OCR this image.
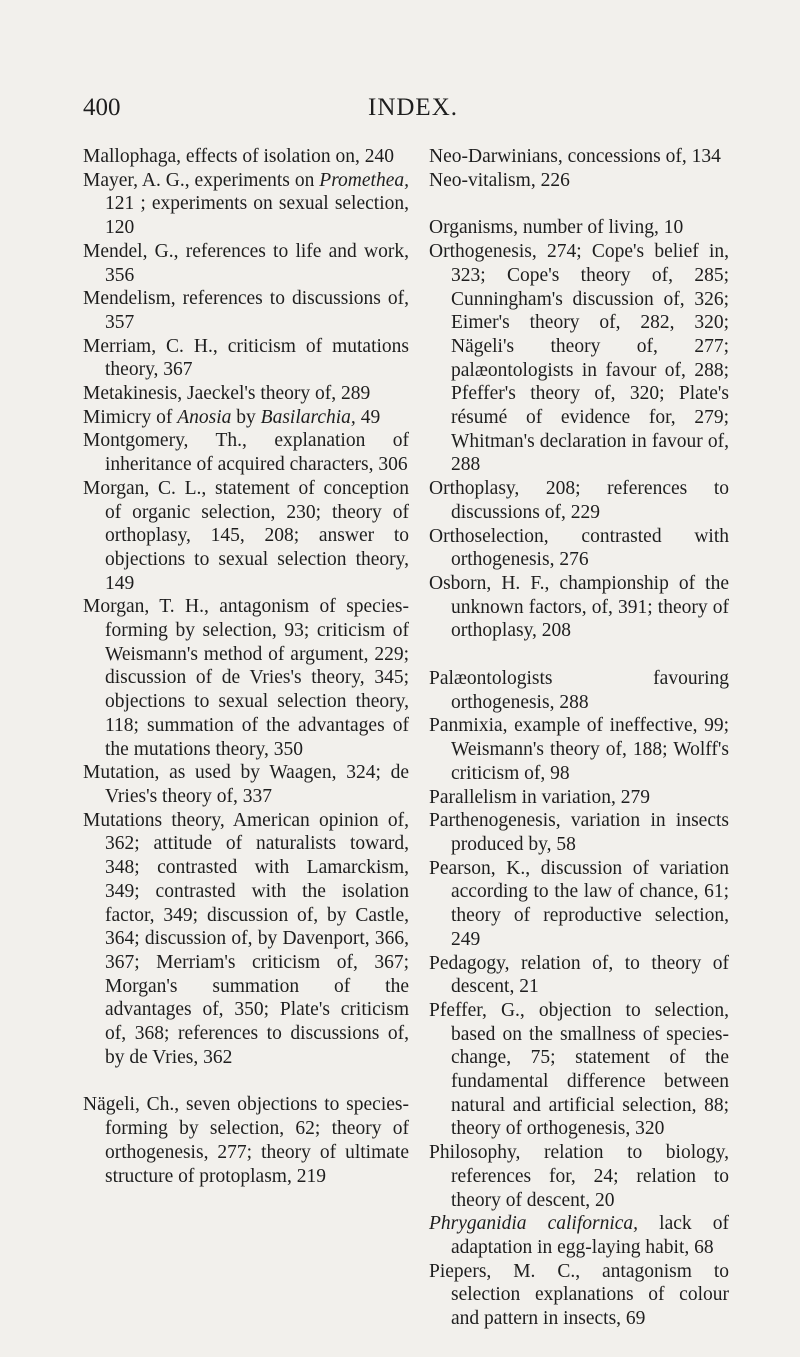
400	INDEX.
Mallophaga, effects of isolation on, 240
Mayer, A. G., experiments on Promethea, 121 ; experiments on sexual selection, 120
Mendel, G., references to life and work, 356
Mendelism, references to discussions of, 357
Merriam, C. H., criticism of mutations theory, 367
Metakinesis, Jaeckel's theory of, 289
Mimicry of Anosia by Basilarchia, 49
Montgomery, Th., explanation of inheritance of acquired characters, 306
Morgan, C. L., statement of conception of organic selection, 230; theory of orthoplasy, 145, 208; answer to objections to sexual selection theory, 149
Morgan, T. H., antagonism of species-forming by selection, 93; criticism of Weismann's method of argument, 229; discussion of de Vries's theory, 345; objections to sexual selection theory, 118; summation of the advantages of the mutations theory, 350
Mutation, as used by Waagen, 324; de Vries's theory of, 337
Mutations theory, American opinion of, 362; attitude of naturalists toward, 348; contrasted with Lamarckism, 349; contrasted with the isolation factor, 349; discussion of, by Castle, 364; discussion of, by Davenport, 366, 367; Merriam's criticism of, 367; Morgan's summation of the advantages of, 350; Plate's criticism of, 368; references to discussions of, by de Vries, 362
Nägeli, Ch., seven objections to species-forming by selection, 62; theory of orthogenesis, 277; theory of ultimate structure of protoplasm, 219
Neo-Darwinians, concessions of, 134
Neo-vitalism, 226
Organisms, number of living, 10
Orthogenesis, 274; Cope's belief in, 323; Cope's theory of, 285; Cunningham's discussion of, 326; Eimer's theory of, 282, 320; Nägeli's theory of, 277; palæontologists in favour of, 288; Pfeffer's theory of, 320; Plate's résumé of evidence for, 279; Whitman's declaration in favour of, 288
Orthoplasy, 208; references to discussions of, 229
Orthoselection, contrasted with orthogenesis, 276
Osborn, H. F., championship of the unknown factors, of, 391; theory of orthoplasy, 208
Palæontologists favouring orthogenesis, 288
Panmixia, example of ineffective, 99; Weismann's theory of, 188; Wolff's criticism of, 98
Parallelism in variation, 279
Parthenogenesis, variation in insects produced by, 58
Pearson, K., discussion of variation according to the law of chance, 61; theory of reproductive selection, 249
Pedagogy, relation of, to theory of descent, 21
Pfeffer, G., objection to selection, based on the smallness of species-change, 75; statement of the fundamental difference between natural and artificial selection, 88; theory of orthogenesis, 320
Philosophy, relation to biology, references for, 24; relation to theory of descent, 20
Phryganidia californica, lack of adaptation in egg-laying habit, 68
Piepers, M. C., antagonism to selection explanations of colour and pattern in insects, 69
